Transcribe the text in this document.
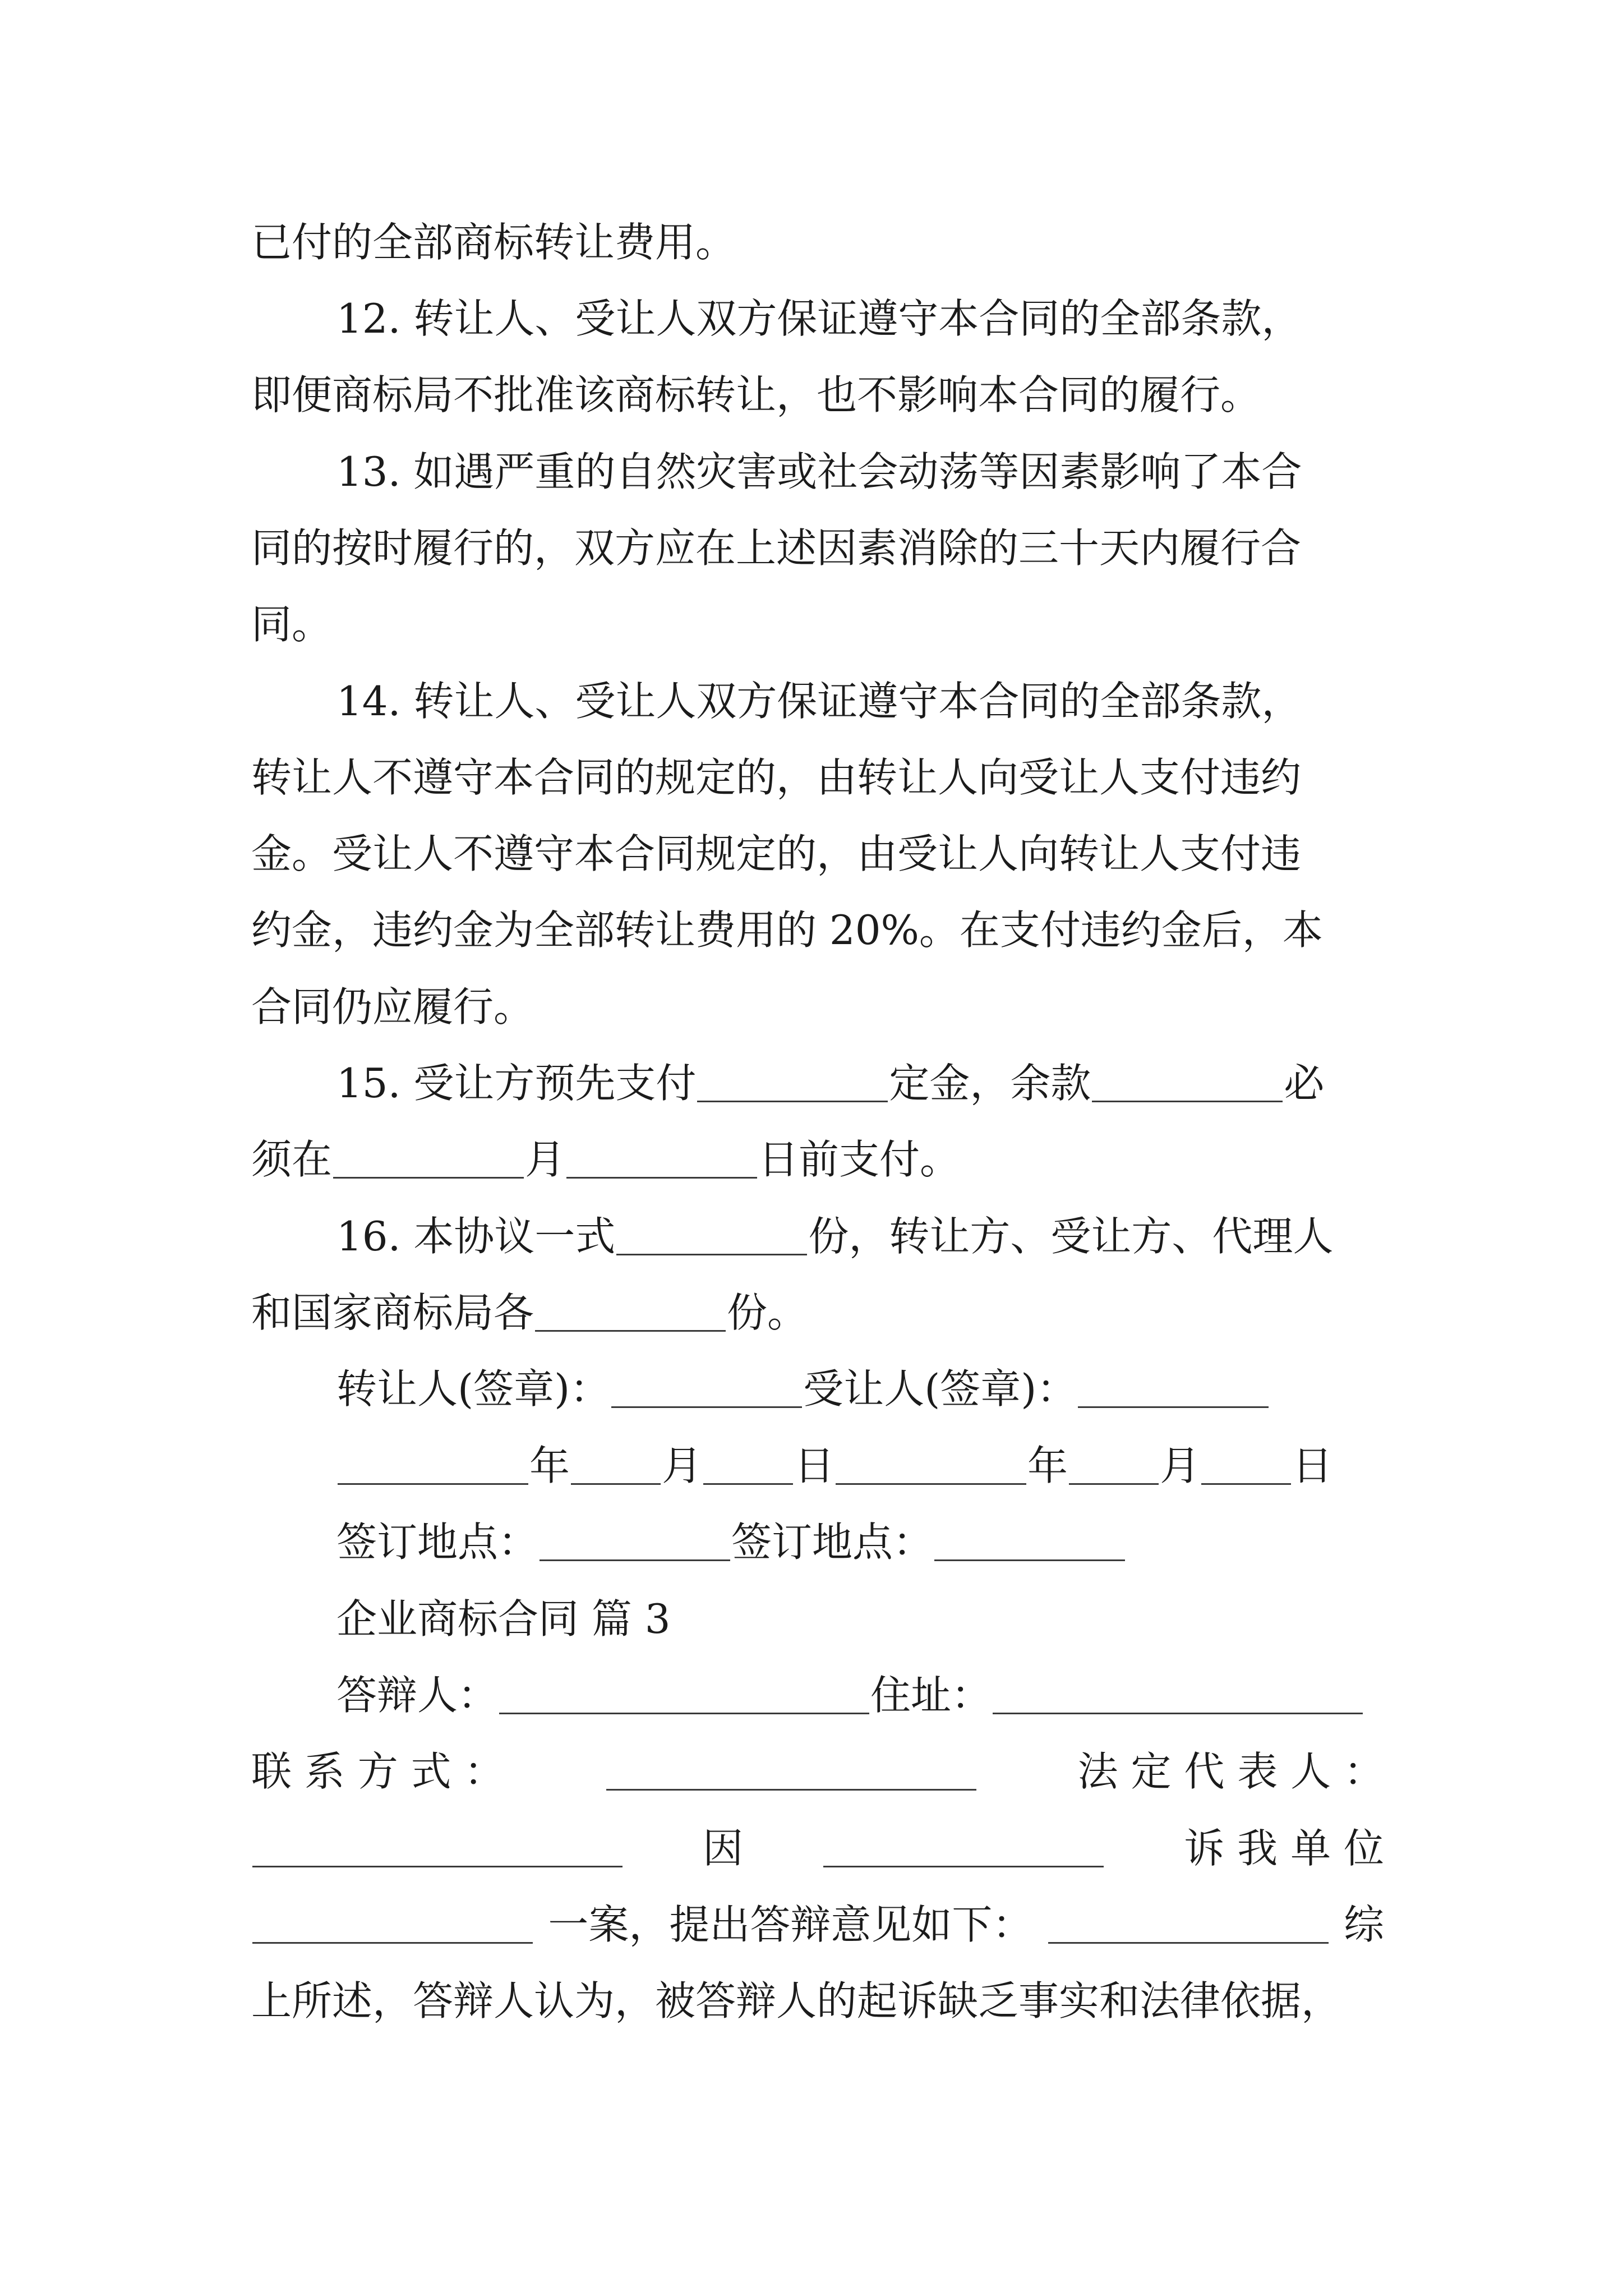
已付的全部商标转让费用。
12. 转让人、受让人双方保证遵守本合同的全部条款，
即便商标局不批准该商标转让，也不影响本合同的履行。
13. 如遇严重的自然灾害或社会动荡等因素影响了本合
同的按时履行的，双方应在上述因素消除的三十天内履行合
同。
14. 转让人、受让人双方保证遵守本合同的全部条款，
转让人不遵守本合同的规定的，由转让人向受让人支付违约
金。受让人不遵守本合同规定的，由受让人向转让人支付违
约金，违约金为全部转让费用的 20%。在支付违约金后，本
合同仍应履行。
15. 受让方预先支付	定金，余款	必
须在	月	日前支付。
16. 本协议一式	份，转让方、受让方、代理人
和国家商标局各	份。
转让人(签章)：	受让人(签章)：
年 月 日	年 月 日
签订地点：	签订地点：
企业商标合同 篇 3
答辩人：	住址：
联 系 方 式 ：	法 定 代 表 人 ：
因	诉 我 单 位
一案，提出答辩意见如下：	综
上所述，答辩人认为，被答辩人的起诉缺乏事实和法律依据，
